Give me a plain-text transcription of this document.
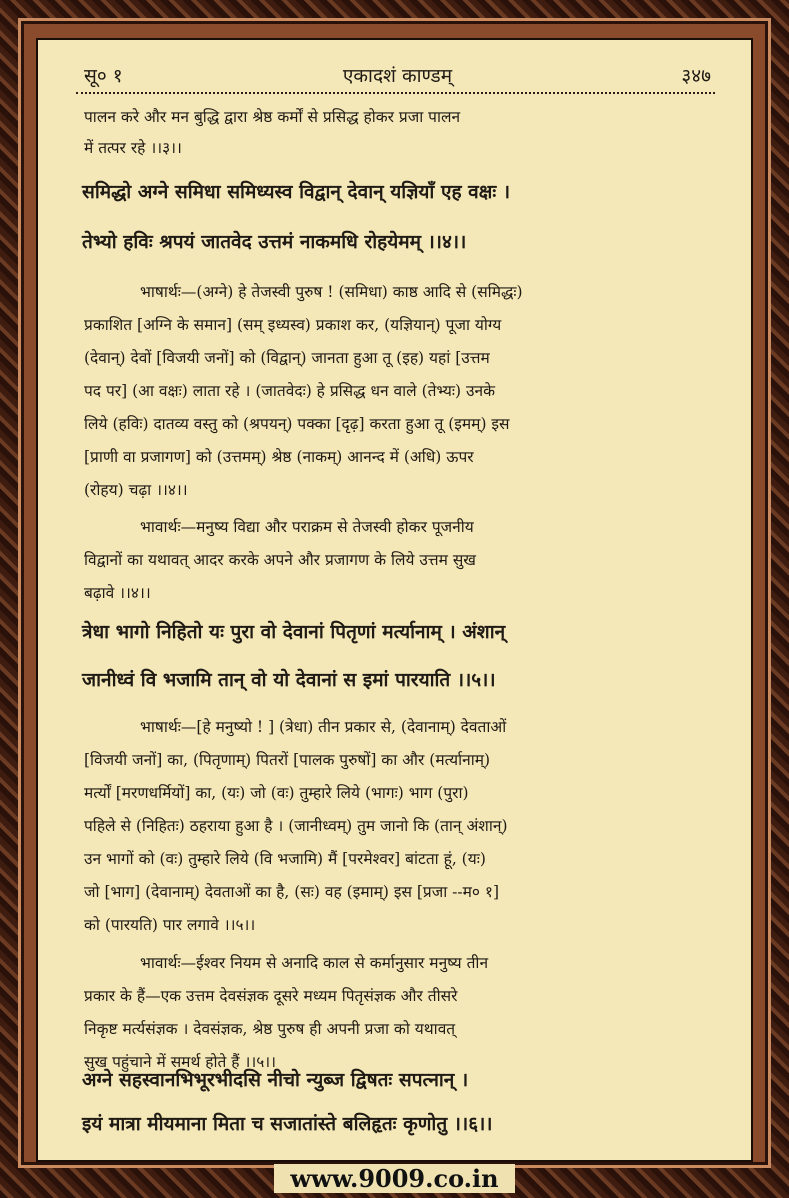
सू० १	एकादशं काण्डम्	३४७
पालन करे और मन बुद्धि द्वारा श्रेष्ठ कर्मों से प्रसिद्ध होकर प्रजा पालन
में तत्पर रहे ।।३।।
समिद्धो अग्ने समिधा समिध्यस्व विद्वान् देवान् यज्ञियाँ एह वक्षः ।
तेभ्यो हविः श्रपयं जातवेद उत्तमं नाकमधि रोहयेमम् ।।४।।
भाषार्थः—(अग्ने) हे तेजस्वी पुरुष ! (समिधा) काष्ठ आदि से (समिद्धः)
प्रकाशित [अग्नि के समान] (सम् इध्यस्व) प्रकाश कर, (यज्ञियान्) पूजा योग्य
(देवान्) देवों [विजयी जनों] को (विद्वान्) जानता हुआ तू (इह) यहां [उत्तम
पद पर] (आ वक्षः) लाता रहे । (जातवेदः) हे प्रसिद्ध धन वाले (तेभ्यः) उनके
लिये (हविः) दातव्य वस्तु को (श्रपयन्) पक्का [दृढ़] करता हुआ तू (इमम्) इस
[प्राणी वा प्रजागण] को (उत्तमम्) श्रेष्ठ (नाकम्) आनन्द में (अधि) ऊपर
(रोहय) चढ़ा ।।४।।
भावार्थः—मनुष्य विद्या और पराक्रम से तेजस्वी होकर पूजनीय
विद्वानों का यथावत् आदर करके अपने और प्रजागण के लिये उत्तम सुख
बढ़ावे ।।४।।
त्रेधा भागो निहितो यः पुरा वो देवानां पितृणां मर्त्यानाम् । अंशान्
जानीध्वं वि भजामि तान् वो यो देवानां स इमां पारयाति ।।५।।
भाषार्थः—[हे मनुष्यो ! ] (त्रेधा) तीन प्रकार से, (देवानाम्) देवताओं
[विजयी जनों] का, (पितृणाम्) पितरों [पालक पुरुषों] का और (मर्त्यानाम्)
मर्त्यों [मरणधर्मियों] का, (यः) जो (वः) तुम्हारे लिये (भागः) भाग (पुरा)
पहिले से (निहितः) ठहराया हुआ है । (जानीध्वम्) तुम जानो कि (तान् अंशान्)
उन भागों को (वः) तुम्हारे लिये (वि भजामि) मैं [परमेश्वर] बांटता हूं, (यः)
जो [भाग] (देवानाम्) देवताओं का है, (सः) वह (इमाम्) इस [प्रजा --म० १]
को (पारयति) पार लगावे ।।५।।
भावार्थः—ईश्वर नियम से अनादि काल से कर्मानुसार मनुष्य तीन
प्रकार के हैं—एक उत्तम देवसंज्ञक दूसरे मध्यम पितृसंज्ञक और तीसरे
निकृष्ट मर्त्यसंज्ञक । देवसंज्ञक, श्रेष्ठ पुरुष ही अपनी प्रजा को यथावत्
सुख पहुंचाने में समर्थ होते हैं ।।५।।
अग्ने सहस्वानभिभूरभीदसि नीचो न्युब्ज द्विषतः सपत्नान् ।
इयं मात्रा मीयमाना मिता च सजातांस्ते बलिहृतः कृणोतु ।।६।।
www.9009.co.in
